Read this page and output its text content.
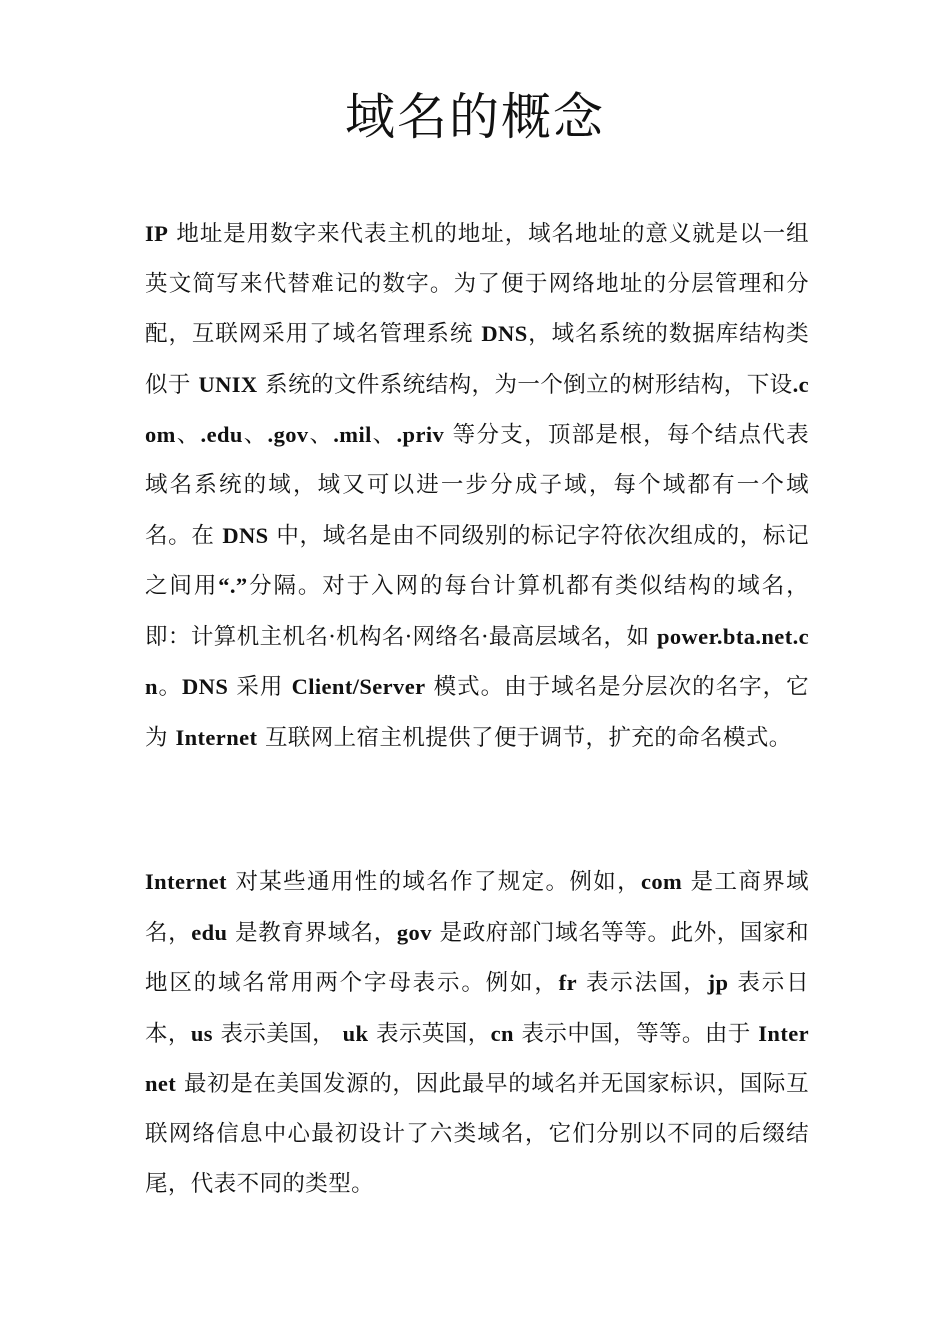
域名的概念

IP 地址是用数字来代表主机的地址，域名地址的意义就是以一组英文简写来代替难记的数字。为了便于网络地址的分层管理和分配，互联网采用了域名管理系统 DNS，域名系统的数据库结构类似于 UNIX 系统的文件系统结构，为一个倒立的树形结构，下设.com、.edu、.gov、.mil、.priv 等分支，顶部是根，每个结点代表域名系统的域，域又可以进一步分成子域，每个域都有一个域名。在 DNS 中，域名是由不同级别的标记字符依次组成的，标记之间用“.”分隔。对于入网的每台计算机都有类似结构的域名，即：计算机主机名·机构名·网络名·最高层域名，如 power.bta.net.cn。DNS 采用 Client/Server 模式。由于域名是分层次的名字，它为 Internet 互联网上宿主机提供了便于调节，扩充的命名模式。

Internet 对某些通用性的域名作了规定。例如，com 是工商界域名，edu 是教育界域名，gov 是政府部门域名等等。此外，国家和地区的域名常用两个字母表示。例如，fr 表示法国，jp 表示日本，us 表示美国， uk 表示英国，cn 表示中国，等等。由于 Internet 最初是在美国发源的，因此最早的域名并无国家标识，国际互联网络信息中心最初设计了六类域名，它们分别以不同的后缀结尾，代表不同的类型。
